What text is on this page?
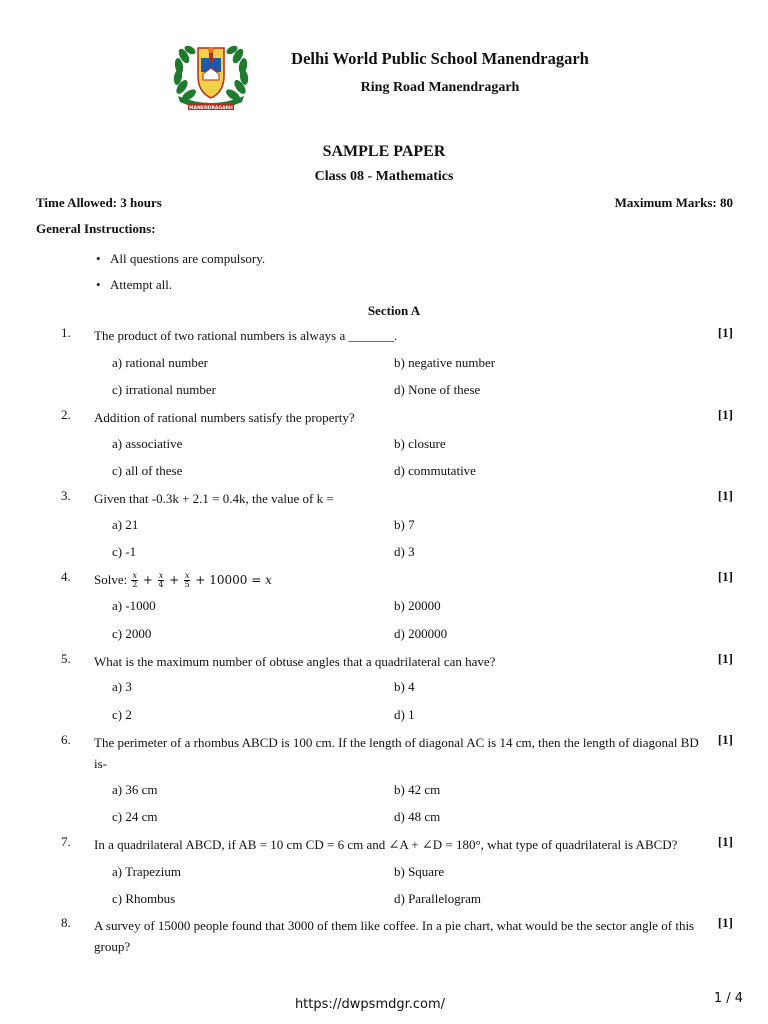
MANENDRAGARH
Delhi World Public School Manendragarh
Ring Road Manendragarh
SAMPLE PAPER
Class 08 - Mathematics
Time Allowed: 3 hours	Maximum Marks: 80
General Instructions:
• All questions are compulsory.
• Attempt all.
Section A
1. The product of two rational numbers is always a _______.	[1]
a) rational number	b) negative number
c) irrational number	d) None of these
2. Addition of rational numbers satisfy the property?	[1]
a) associative	b) closure
c) all of these	d) commutative
3. Given that -0.3k + 2.1 = 0.4k, the value of k =	[1]
a) 21	b) 7
c) -1	d) 3
4. Solve: $\frac{x}{2} + \frac{x}{4} + \frac{x}{5} + 10000 = x$	[1]
a) -1000	b) 20000
c) 2000	d) 200000
5. What is the maximum number of obtuse angles that a quadrilateral can have?	[1]
a) 3	b) 4
c) 2	d) 1
6. The perimeter of a rhombus ABCD is 100 cm. If the length of diagonal AC is 14 cm, then the length of diagonal BD is-
[1]
a) 36 cm	b) 42 cm
c) 24 cm	d) 48 cm
7. In a quadrilateral ABCD, if AB = 10 cm CD = 6 cm and ∠A + ∠D = 180°, what type of quadrilateral is ABCD?	[1]
a) Trapezium	b) Square
c) Rhombus	d) Parallelogram
8. A survey of 15000 people found that 3000 of them like coffee. In a pie chart, what would be the sector angle of this group?
[1]
https://dwpsmdgr.com/	1 / 4
